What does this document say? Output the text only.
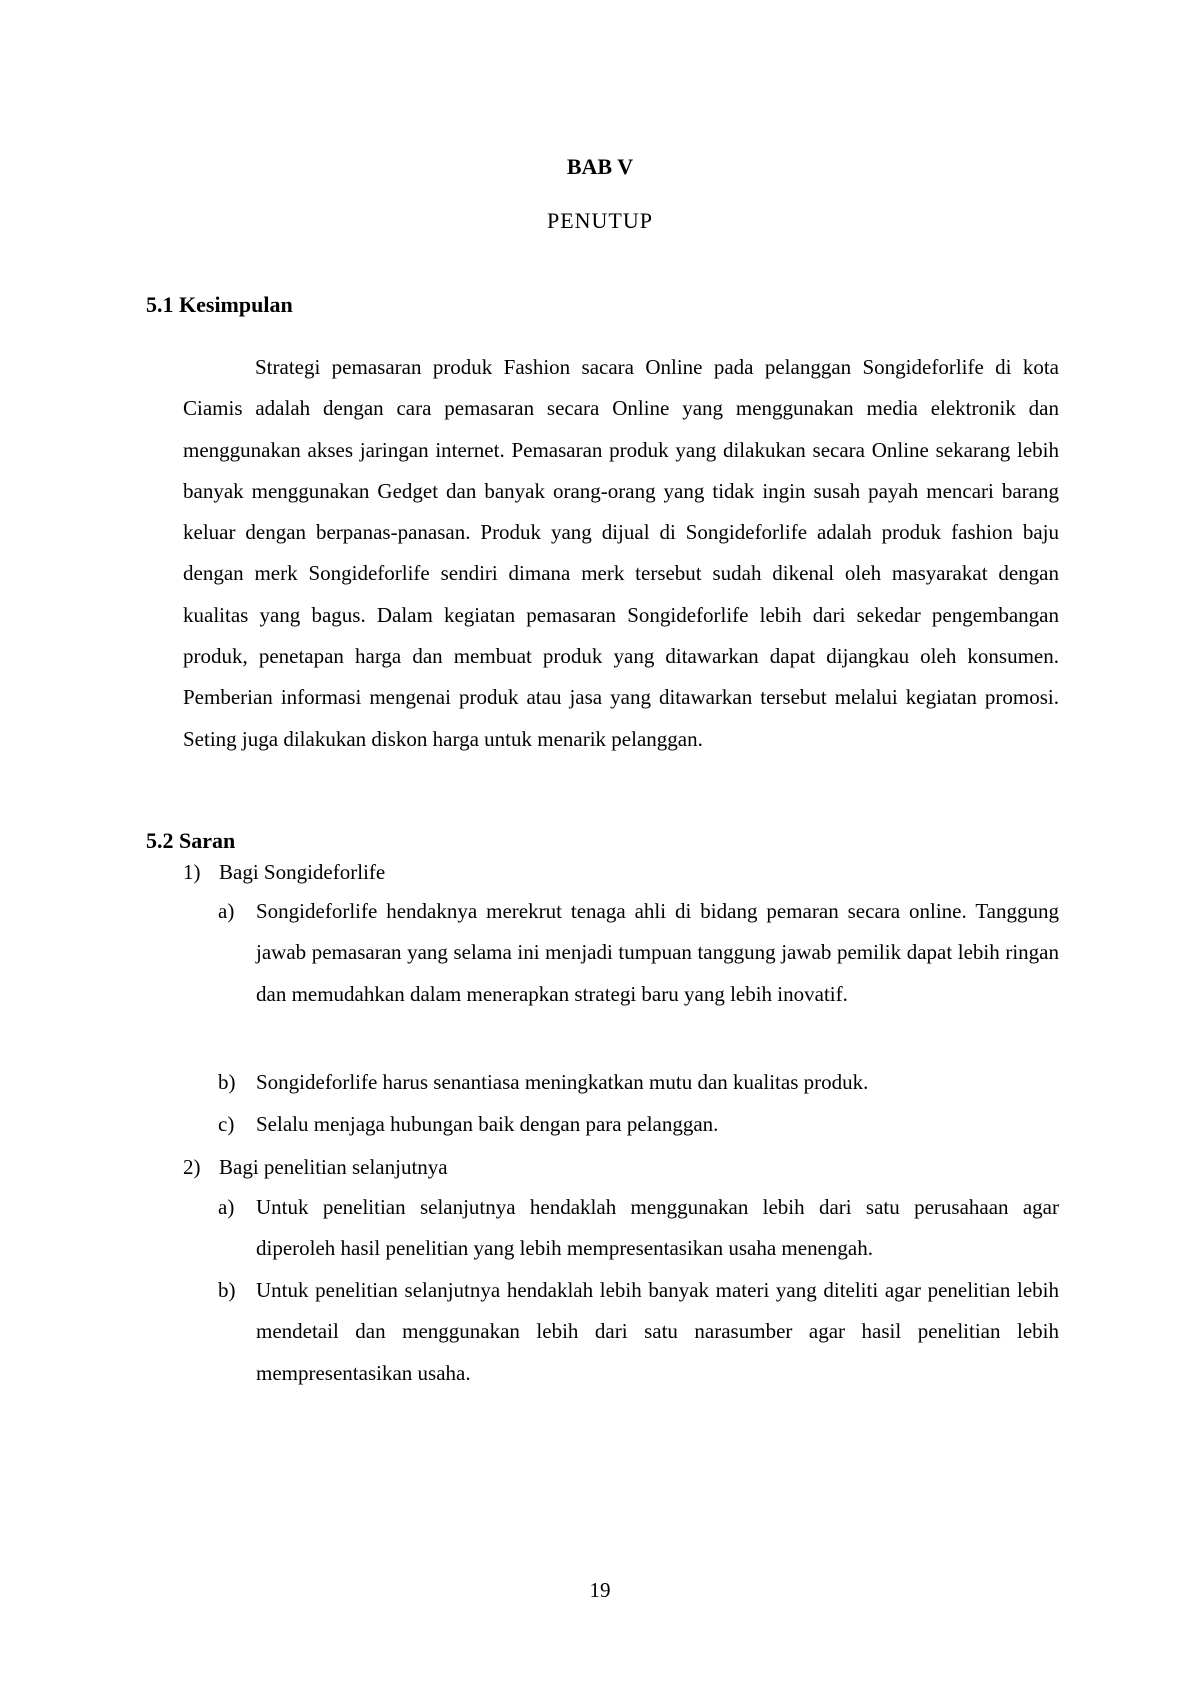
BAB V

PENUTUP

5.1 Kesimpulan

Strategi pemasaran produk Fashion sacara Online pada pelanggan Songideforlife di kota Ciamis adalah dengan cara pemasaran secara Online yang menggunakan media elektronik dan menggunakan akses jaringan internet. Pemasaran produk yang dilakukan secara Online sekarang lebih banyak menggunakan Gedget dan banyak orang-orang yang tidak ingin susah payah mencari barang keluar dengan berpanas-panasan. Produk yang dijual di Songideforlife adalah produk fashion baju dengan merk Songideforlife sendiri dimana merk tersebut sudah dikenal oleh masyarakat dengan kualitas yang bagus. Dalam kegiatan pemasaran Songideforlife lebih dari sekedar pengembangan produk, penetapan harga dan membuat produk yang ditawarkan dapat dijangkau oleh konsumen. Pemberian informasi mengenai produk atau jasa yang ditawarkan tersebut melalui kegiatan promosi. Seting juga dilakukan diskon harga untuk menarik pelanggan.

5.2 Saran

1) Bagi Songideforlife
a) Songideforlife hendaknya merekrut tenaga ahli di bidang pemaran secara online. Tanggung jawab pemasaran yang selama ini menjadi tumpuan tanggung jawab pemilik dapat lebih ringan dan memudahkan dalam menerapkan strategi baru yang lebih inovatif.
b) Songideforlife harus senantiasa meningkatkan mutu dan kualitas produk.
c) Selalu menjaga hubungan baik dengan para pelanggan.
2) Bagi penelitian selanjutnya
a) Untuk penelitian selanjutnya hendaklah menggunakan lebih dari satu perusahaan agar diperoleh hasil penelitian yang lebih mempresentasikan usaha menengah.
b) Untuk penelitian selanjutnya hendaklah lebih banyak materi yang diteliti agar penelitian lebih mendetail dan menggunakan lebih dari satu narasumber agar hasil penelitian lebih mempresentasikan usaha.

19
